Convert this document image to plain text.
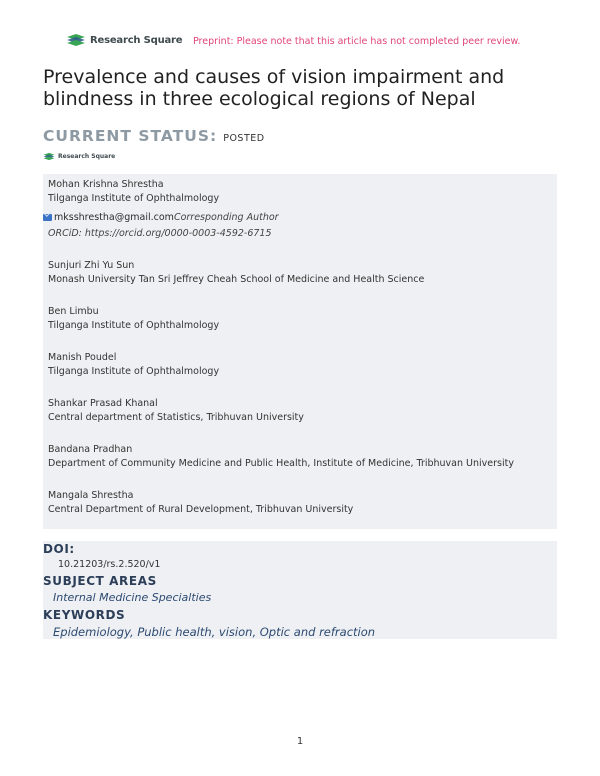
Research Square Preprint: Please note that this article has not completed peer review.
Prevalence and causes of vision impairment and blindness in three ecological regions of Nepal
CURRENT STATUS: POSTED
Research Square
Mohan Krishna Shrestha
Tilganga Institute of Ophthalmology
mksshrestha@gmail.com Corresponding Author
ORCiD: https://orcid.org/0000-0003-4592-6715
Sunjuri Zhi Yu Sun
Monash University Tan Sri Jeffrey Cheah School of Medicine and Health Science
Ben Limbu
Tilganga Institute of Ophthalmology
Manish Poudel
Tilganga Institute of Ophthalmology
Shankar Prasad Khanal
Central department of Statistics, Tribhuvan University
Bandana Pradhan
Department of Community Medicine and Public Health, Institute of Medicine, Tribhuvan University
Mangala Shrestha
Central Department of Rural Development, Tribhuvan University
DOI:
10.21203/rs.2.520/v1
SUBJECT AREAS
Internal Medicine Specialties
KEYWORDS
Epidemiology, Public health, vision, Optic and refraction
1
